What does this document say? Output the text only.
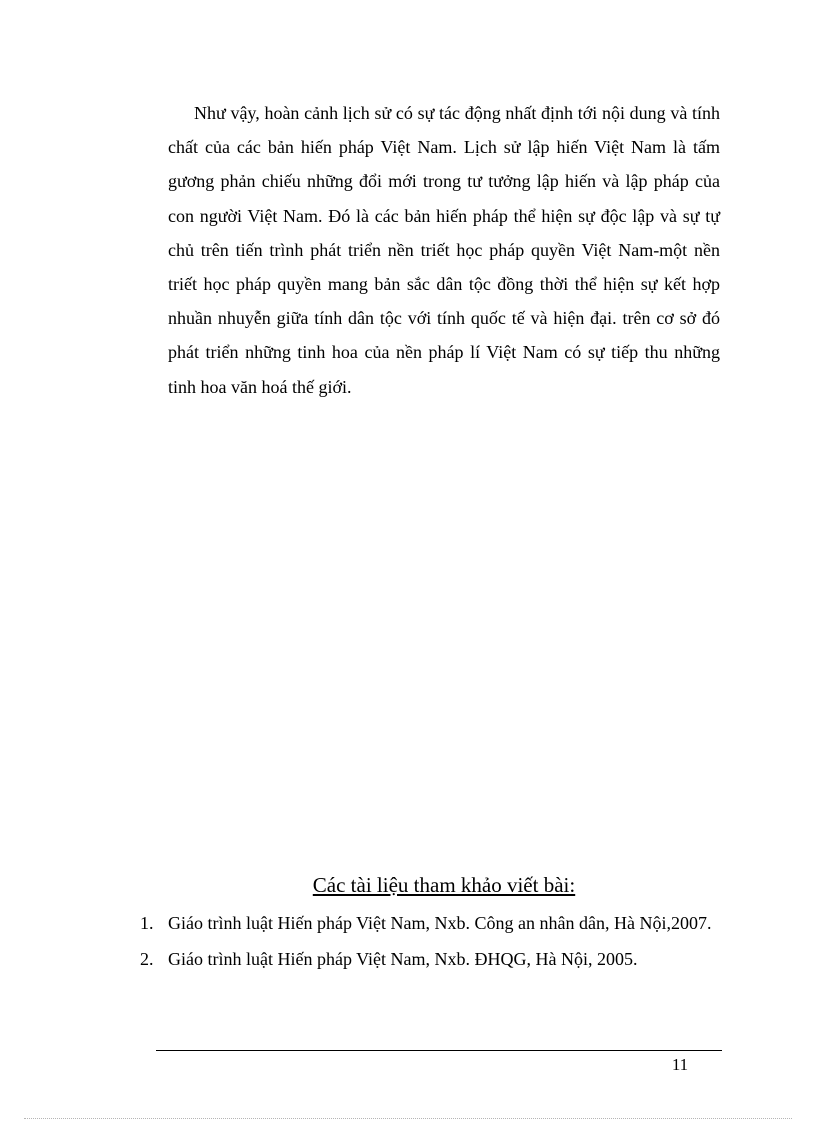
Như vậy, hoàn cảnh lịch sử có sự tác động nhất định tới nội dung và tính chất của các bản hiến pháp Việt Nam. Lịch sử lập hiến Việt Nam là tấm gương phản chiếu những đổi mới trong tư tưởng lập hiến và lập pháp của con người Việt Nam. Đó là các bản hiến pháp thể hiện sự độc lập và sự tự chủ trên tiến trình phát triển nền triết học pháp quyền Việt Nam-một nền triết học pháp quyền mang bản sắc dân tộc đồng thời thể hiện sự kết hợp nhuần nhuyễn giữa tính dân tộc với tính quốc tế và hiện đại. trên cơ sở đó phát triển những tinh hoa của nền pháp lí Việt Nam có sự tiếp thu những tinh hoa văn hoá thế giới.

Các tài liệu tham khảo viết bài:
1. Giáo trình luật Hiến pháp Việt Nam, Nxb. Công an nhân dân, Hà Nội,2007.
2. Giáo trình luật Hiến pháp Việt Nam, Nxb. ĐHQG, Hà Nội, 2005.
11
